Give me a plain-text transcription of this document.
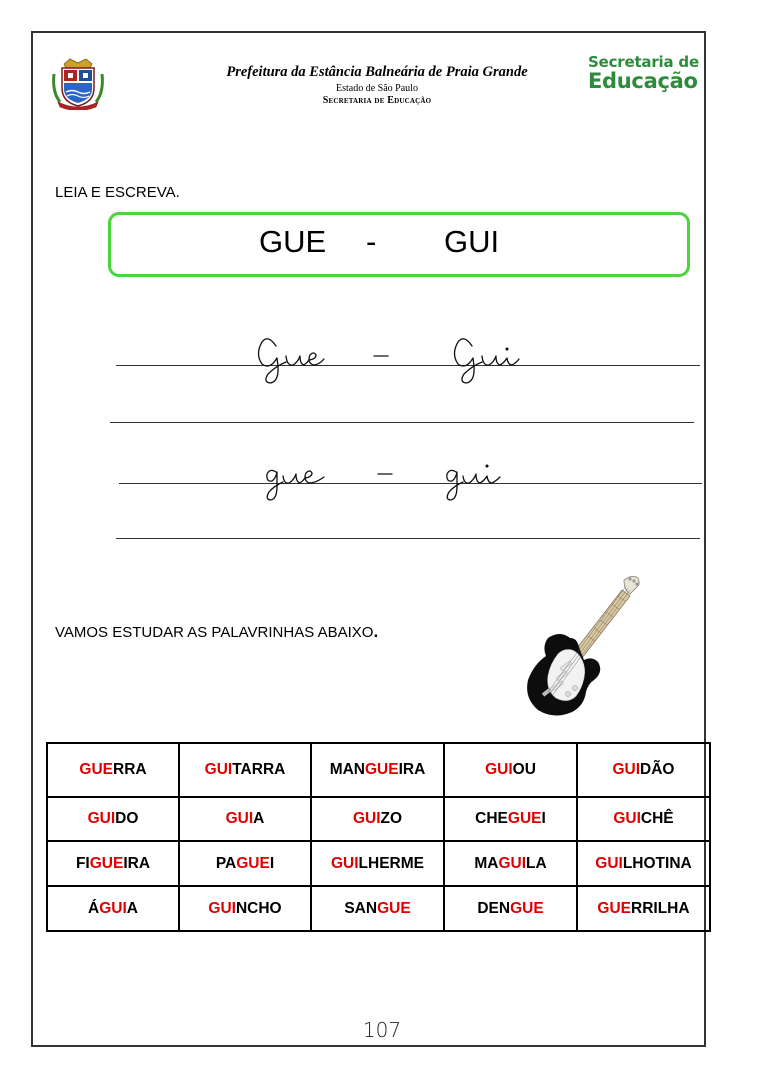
Prefeitura da Estância Balneária de Praia Grande
Estado de São Paulo
Secretaria de Educação
Secretaria de
Educação
LEIA E ESCREVA.
GUE - GUI
VAMOS ESTUDAR AS PALAVRINHAS ABAIXO.
GUERRA	GUITARRA	MANGUEIRA	GUIOU	GUIDÃO
GUIDO	GUIA	GUIZO	CHEGUEI	GUICHÊ
FIGUEIRA	PAGUEI	GUILHERME	MAGUILA	GUILHOTINA
ÁGUIA	GUINCHO	SANGUE	DENGUE	GUERRILHA
107
